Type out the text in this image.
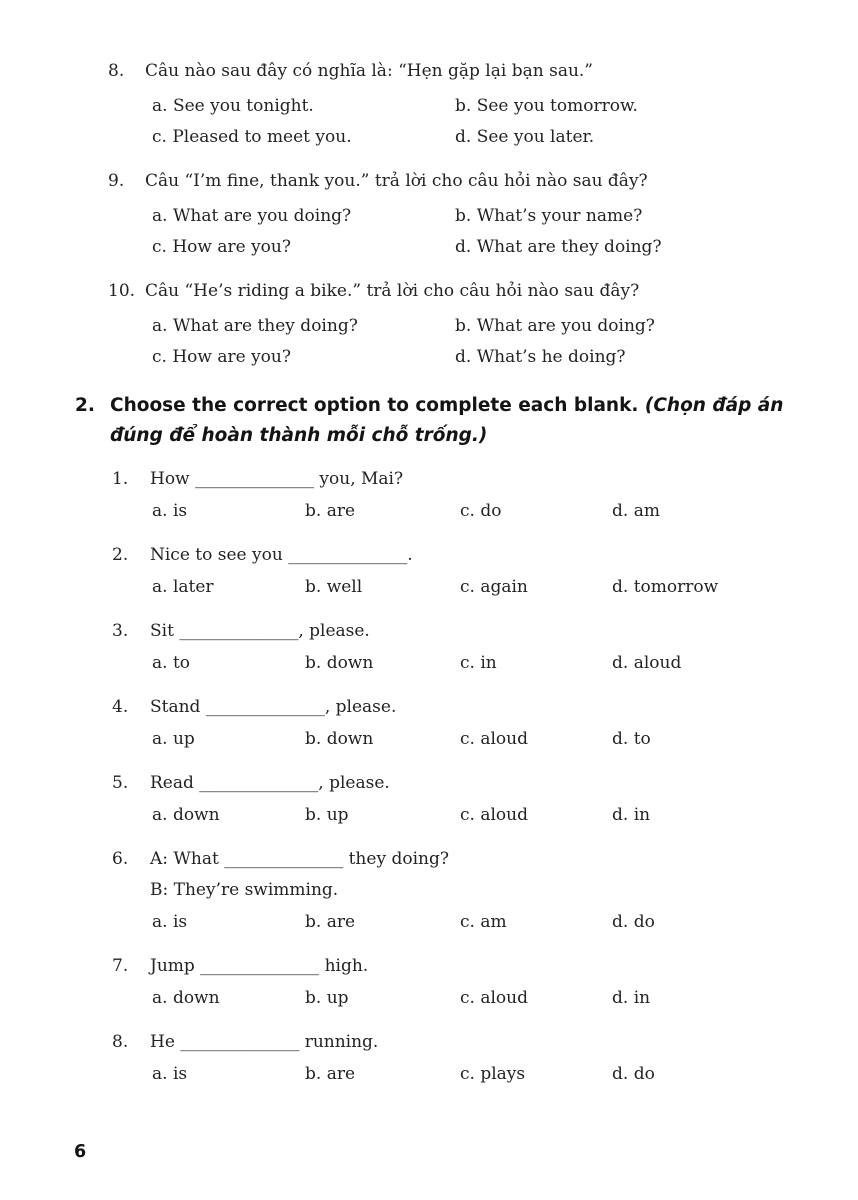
8. Câu nào sau đây có nghĩa là: “Hẹn gặp lại bạn sau.”
a. See you tonight.	b. See you tomorrow.
c. Pleased to meet you.	d. See you later.
9. Câu “I’m fine, thank you.” trả lời cho câu hỏi nào sau đây?
a. What are you doing?	b. What’s your name?
c. How are you?	d. What are they doing?
10. Câu “He’s riding a bike.” trả lời cho câu hỏi nào sau đây?
a. What are they doing?	b. What are you doing?
c. How are you?	d. What’s he doing?
2. Choose the correct option to complete each blank. (Chọn đáp án đúng để hoàn thành mỗi chỗ trống.)
1. How ______________ you, Mai?
a. is	b. are	c. do	d. am
2. Nice to see you ______________.
a. later	b. well	c. again	d. tomorrow
3. Sit ______________, please.
a. to	b. down	c. in	d. aloud
4. Stand ______________, please.
a. up	b. down	c. aloud	d. to
5. Read ______________, please.
a. down	b. up	c. aloud	d. in
6. A: What ______________ they doing?
B: They’re swimming.
a. is	b. are	c. am	d. do
7. Jump ______________ high.
a. down	b. up	c. aloud	d. in
8. He ______________ running.
a. is	b. are	c. plays	d. do
6
